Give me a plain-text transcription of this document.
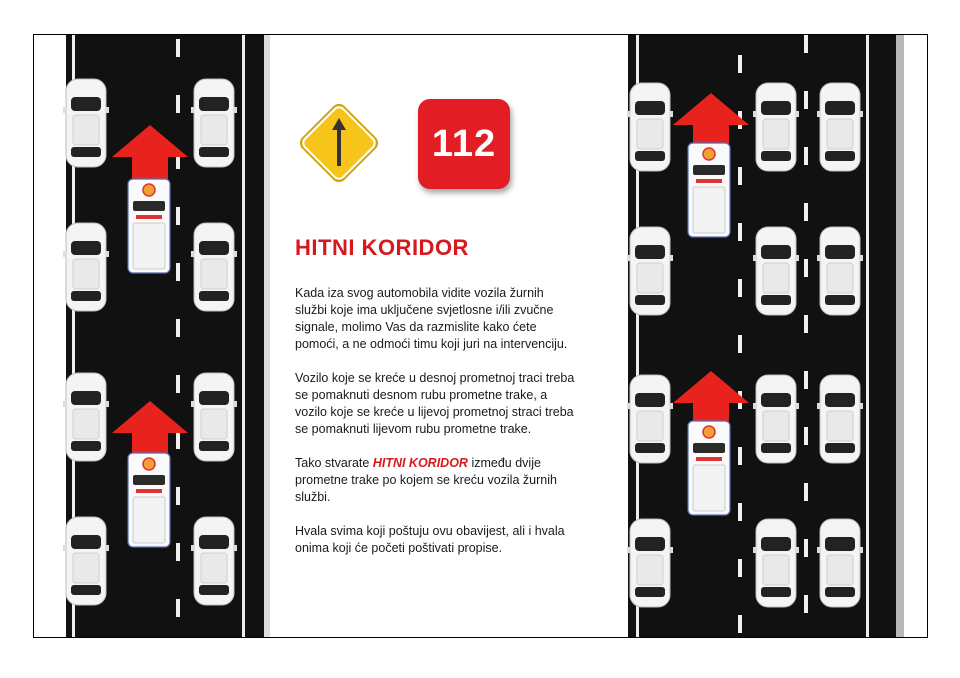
112
HITNI KORIDOR

Kada iza svog automobila vidite vozila žurnih službi koje ima uključene svjetlosne i/ili zvučne signale, molimo Vas da razmislite kako ćete pomoći, a ne odmoći timu koji juri na intervenciju.

Vozilo koje se kreće u desnoj prometnoj traci treba se pomaknuti desnom rubu prometne trake, a vozilo koje se kreće u lijevoj prometnoj straci treba se pomaknuti lijevom rubu prometne trake.

Tako stvarate HITNI KORIDOR između dvije prometne trake po kojem se kreću vozila žurnih službi.

Hvala svima koji poštuju ovu obavijest, ali i hvala onima koji će početi poštivati propise.
